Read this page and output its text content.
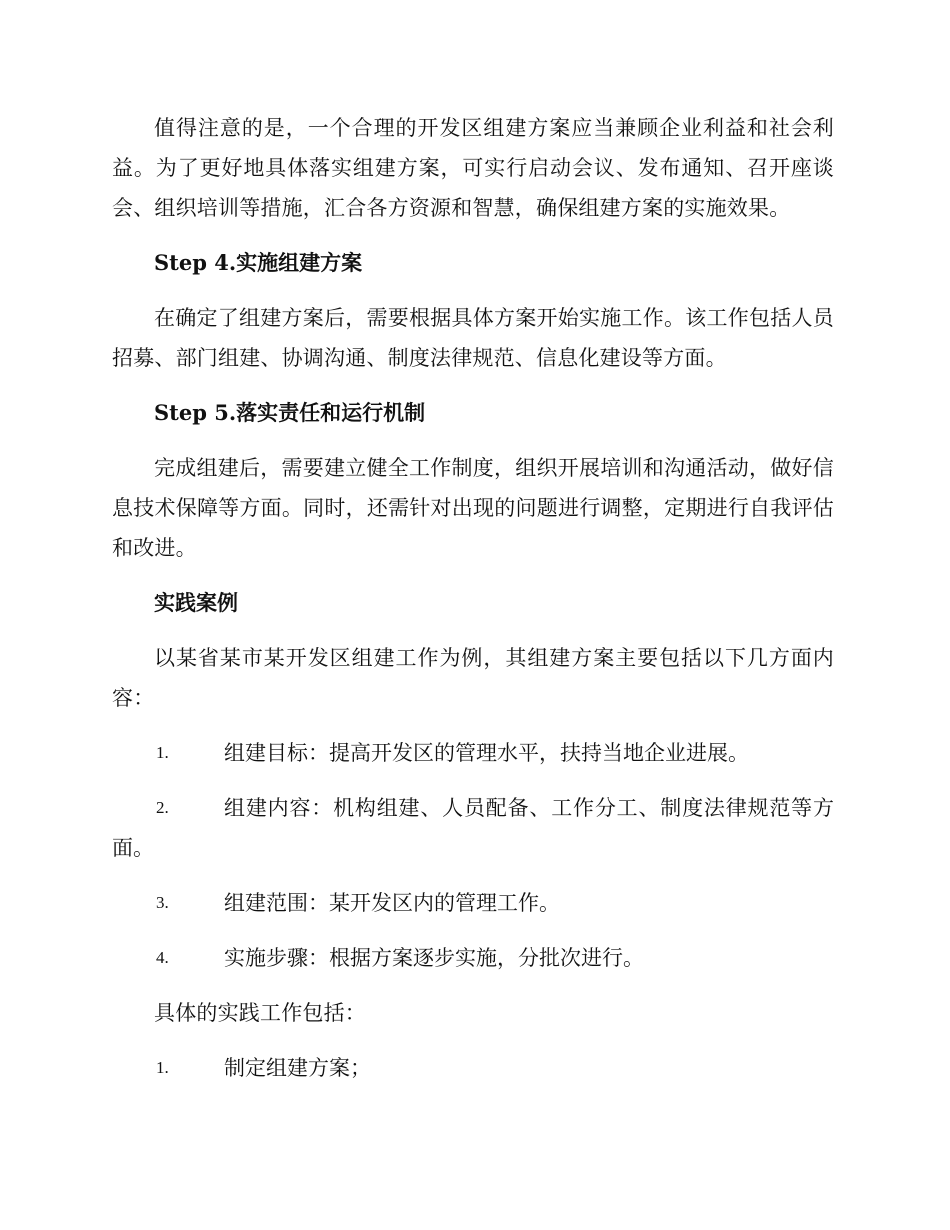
值得注意的是，一个合理的开发区组建方案应当兼顾企业利益和社会利益。为了更好地具体落实组建方案，可实行启动会议、发布通知、召开座谈会、组织培训等措施，汇合各方资源和智慧，确保组建方案的实施效果。

Step 4.实施组建方案

在确定了组建方案后，需要根据具体方案开始实施工作。该工作包括人员招募、部门组建、协调沟通、制度法律规范、信息化建设等方面。

Step 5.落实责任和运行机制

完成组建后，需要建立健全工作制度，组织开展培训和沟通活动，做好信息技术保障等方面。同时，还需针对出现的问题进行调整，定期进行自我评估和改进。

实践案例

以某省某市某开发区组建工作为例，其组建方案主要包括以下几方面内容：

1.	组建目标：提高开发区的管理水平，扶持当地企业进展。
2.	组建内容：机构组建、人员配备、工作分工、制度法律规范等方面。
3.	组建范围：某开发区内的管理工作。
4.	实施步骤：根据方案逐步实施，分批次进行。

具体的实践工作包括：

1.	制定组建方案；
